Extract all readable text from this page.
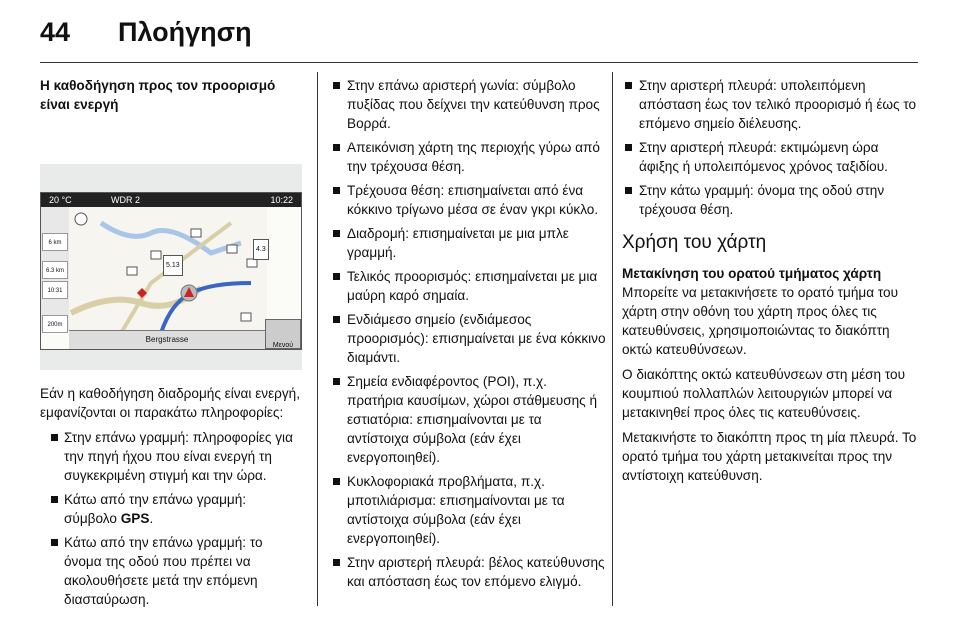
44	Πλοήγηση

Η καθοδήγηση προς τον προορισμό είναι ενεργή

20 °C	WDR 2	10:22
6 km
6.3 km
10:31
200m
5.13
4.3
Bergstrasse
Μενού

Εάν η καθοδήγηση διαδρομής είναι ενεργή, εμφανίζονται οι παρακάτω πληροφορίες:

Στην επάνω γραμμή: πληροφορίες για την πηγή ήχου που είναι ενεργή τη συγκεκριμένη στιγμή και την ώρα.
Κάτω από την επάνω γραμμή: σύμβολο GPS.
Κάτω από την επάνω γραμμή: το όνομα της οδού που πρέπει να ακολουθήσετε μετά την επόμενη διασταύρωση.
Στην επάνω αριστερή γωνία: σύμβολο πυξίδας που δείχνει την κατεύθυνση προς Βορρά.
Απεικόνιση χάρτη της περιοχής γύρω από την τρέχουσα θέση.
Τρέχουσα θέση: επισημαίνεται από ένα κόκκινο τρίγωνο μέσα σε έναν γκρι κύκλο.
Διαδρομή: επισημαίνεται με μια μπλε γραμμή.
Τελικός προορισμός: επισημαίνεται με μια μαύρη καρό σημαία.
Ενδιάμεσο σημείο (ενδιάμεσος προορισμός): επισημαίνεται με ένα κόκκινο διαμάντι.
Σημεία ενδιαφέροντος (POI), π.χ. πρατήρια καυσίμων, χώροι στάθμευσης ή εστιατόρια: επισημαίνονται με τα αντίστοιχα σύμβολα (εάν έχει ενεργοποιηθεί).
Κυκλοφοριακά προβλήματα, π.χ. μποτιλιάρισμα: επισημαίνονται με τα αντίστοιχα σύμβολα (εάν έχει ενεργοποιηθεί).
Στην αριστερή πλευρά: βέλος κατεύθυνσης και απόσταση έως τον επόμενο ελιγμό.
Στην αριστερή πλευρά: υπολειπόμενη απόσταση έως τον τελικό προορισμό ή έως το επόμενο σημείο διέλευσης.
Στην αριστερή πλευρά: εκτιμώμενη ώρα άφιξης ή υπολειπόμενος χρόνος ταξιδίου.
Στην κάτω γραμμή: όνομα της οδού στην τρέχουσα θέση.
Χρήση του χάρτη

Μετακίνηση του ορατού τμήματος χάρτη

Μπορείτε να μετακινήσετε το ορατό τμήμα του χάρτη στην οθόνη του χάρτη προς όλες τις κατευθύνσεις, χρησιμοποιώντας το διακόπτη οκτώ κατευθύνσεων.

Ο διακόπτης οκτώ κατευθύνσεων στη μέση του κουμπιού πολλαπλών λειτουργιών μπορεί να μετακινηθεί προς όλες τις κατευθύνσεις.

Μετακινήστε το διακόπτη προς τη μία πλευρά. Το ορατό τμήμα του χάρτη μετακινείται προς την αντίστοιχη κατεύθυνση.
